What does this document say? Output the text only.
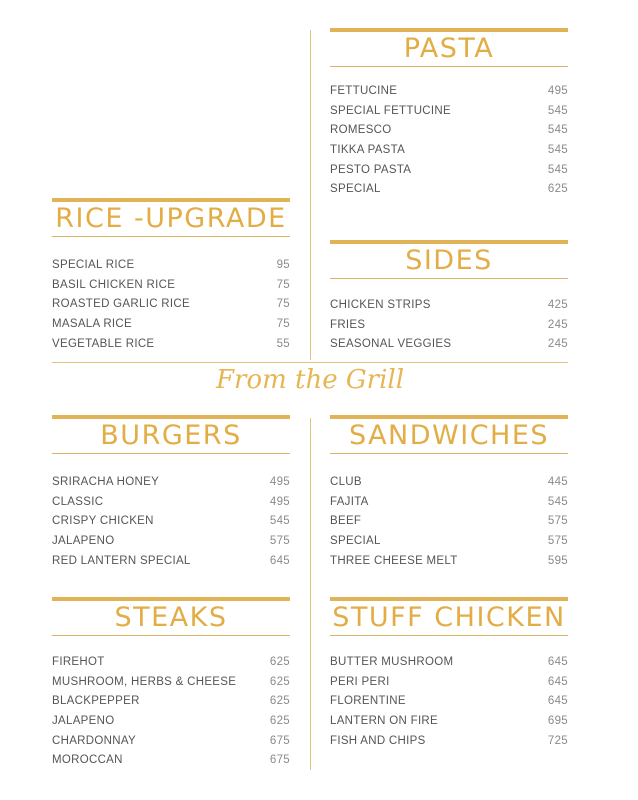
From the Grill
PASTA
FETTUCINE	495
SPECIAL FETTUCINE	545
ROMESCO	545
TIKKA PASTA	545
PESTO PASTA	545
SPECIAL	625
RICE -UPGRADE
SPECIAL RICE	95
BASIL CHICKEN RICE	75
ROASTED GARLIC RICE	75
MASALA RICE	75
VEGETABLE RICE	55
SIDES
CHICKEN STRIPS	425
FRIES	245
SEASONAL VEGGIES	245
BURGERS
SRIRACHA HONEY	495
CLASSIC	495
CRISPY CHICKEN	545
JALAPENO	575
RED LANTERN SPECIAL	645
SANDWICHES
CLUB	445
FAJITA	545
BEEF	575
SPECIAL	575
THREE CHEESE MELT	595
STEAKS
FIREHOT	625
MUSHROOM, HERBS & CHEESE	625
BLACKPEPPER	625
JALAPENO	625
CHARDONNAY	675
MOROCCAN	675
STUFF CHICKEN
BUTTER MUSHROOM	645
PERI PERI	645
FLORENTINE	645
LANTERN ON FIRE	695
FISH AND CHIPS	725
